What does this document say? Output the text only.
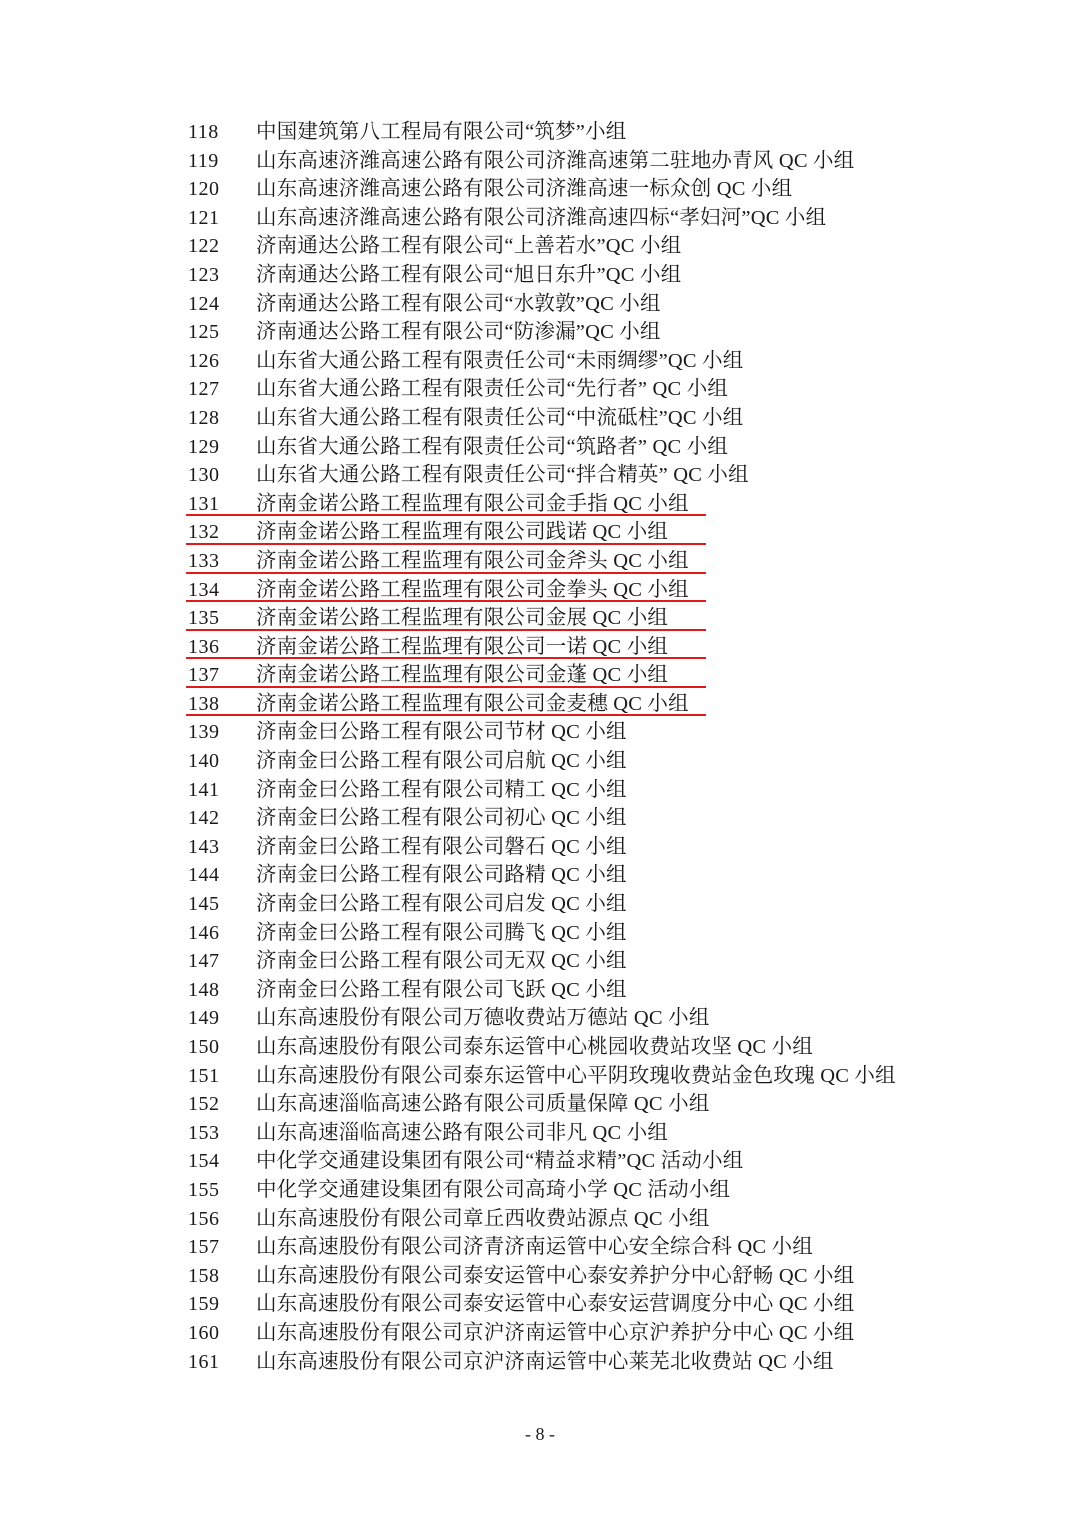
118	中国建筑第八工程局有限公司“筑梦”小组
119	山东高速济潍高速公路有限公司济潍高速第二驻地办青风 QC 小组
120	山东高速济潍高速公路有限公司济潍高速一标众创 QC 小组
121	山东高速济潍高速公路有限公司济潍高速四标“孝妇河”QC 小组
122	济南通达公路工程有限公司“上善若水”QC 小组
123	济南通达公路工程有限公司“旭日东升”QC 小组
124	济南通达公路工程有限公司“水敦敦”QC 小组
125	济南通达公路工程有限公司“防渗漏”QC 小组
126	山东省大通公路工程有限责任公司“未雨绸缪”QC 小组
127	山东省大通公路工程有限责任公司“先行者” QC 小组
128	山东省大通公路工程有限责任公司“中流砥柱”QC 小组
129	山东省大通公路工程有限责任公司“筑路者” QC 小组
130	山东省大通公路工程有限责任公司“拌合精英” QC 小组
131	济南金诺公路工程监理有限公司金手指 QC 小组
132	济南金诺公路工程监理有限公司践诺 QC 小组
133	济南金诺公路工程监理有限公司金斧头 QC 小组
134	济南金诺公路工程监理有限公司金拳头 QC 小组
135	济南金诺公路工程监理有限公司金展 QC 小组
136	济南金诺公路工程监理有限公司一诺 QC 小组
137	济南金诺公路工程监理有限公司金蓬 QC 小组
138	济南金诺公路工程监理有限公司金麦穗 QC 小组
139	济南金曰公路工程有限公司节材 QC 小组
140	济南金曰公路工程有限公司启航 QC 小组
141	济南金曰公路工程有限公司精工 QC 小组
142	济南金曰公路工程有限公司初心 QC 小组
143	济南金曰公路工程有限公司磐石 QC 小组
144	济南金曰公路工程有限公司路精 QC 小组
145	济南金曰公路工程有限公司启发 QC 小组
146	济南金曰公路工程有限公司腾飞 QC 小组
147	济南金曰公路工程有限公司无双 QC 小组
148	济南金曰公路工程有限公司飞跃 QC 小组
149	山东高速股份有限公司万德收费站万德站 QC 小组
150	山东高速股份有限公司泰东运管中心桃园收费站攻坚 QC 小组
151	山东高速股份有限公司泰东运管中心平阴玫瑰收费站金色玫瑰 QC 小组
152	山东高速淄临高速公路有限公司质量保障 QC 小组
153	山东高速淄临高速公路有限公司非凡 QC 小组
154	中化学交通建设集团有限公司“精益求精”QC 活动小组
155	中化学交通建设集团有限公司高琦小学 QC 活动小组
156	山东高速股份有限公司章丘西收费站源点 QC 小组
157	山东高速股份有限公司济青济南运管中心安全综合科 QC 小组
158	山东高速股份有限公司泰安运管中心泰安养护分中心舒畅 QC 小组
159	山东高速股份有限公司泰安运管中心泰安运营调度分中心 QC 小组
160	山东高速股份有限公司京沪济南运管中心京沪养护分中心 QC 小组
161	山东高速股份有限公司京沪济南运管中心莱芜北收费站 QC 小组
- 8 -
